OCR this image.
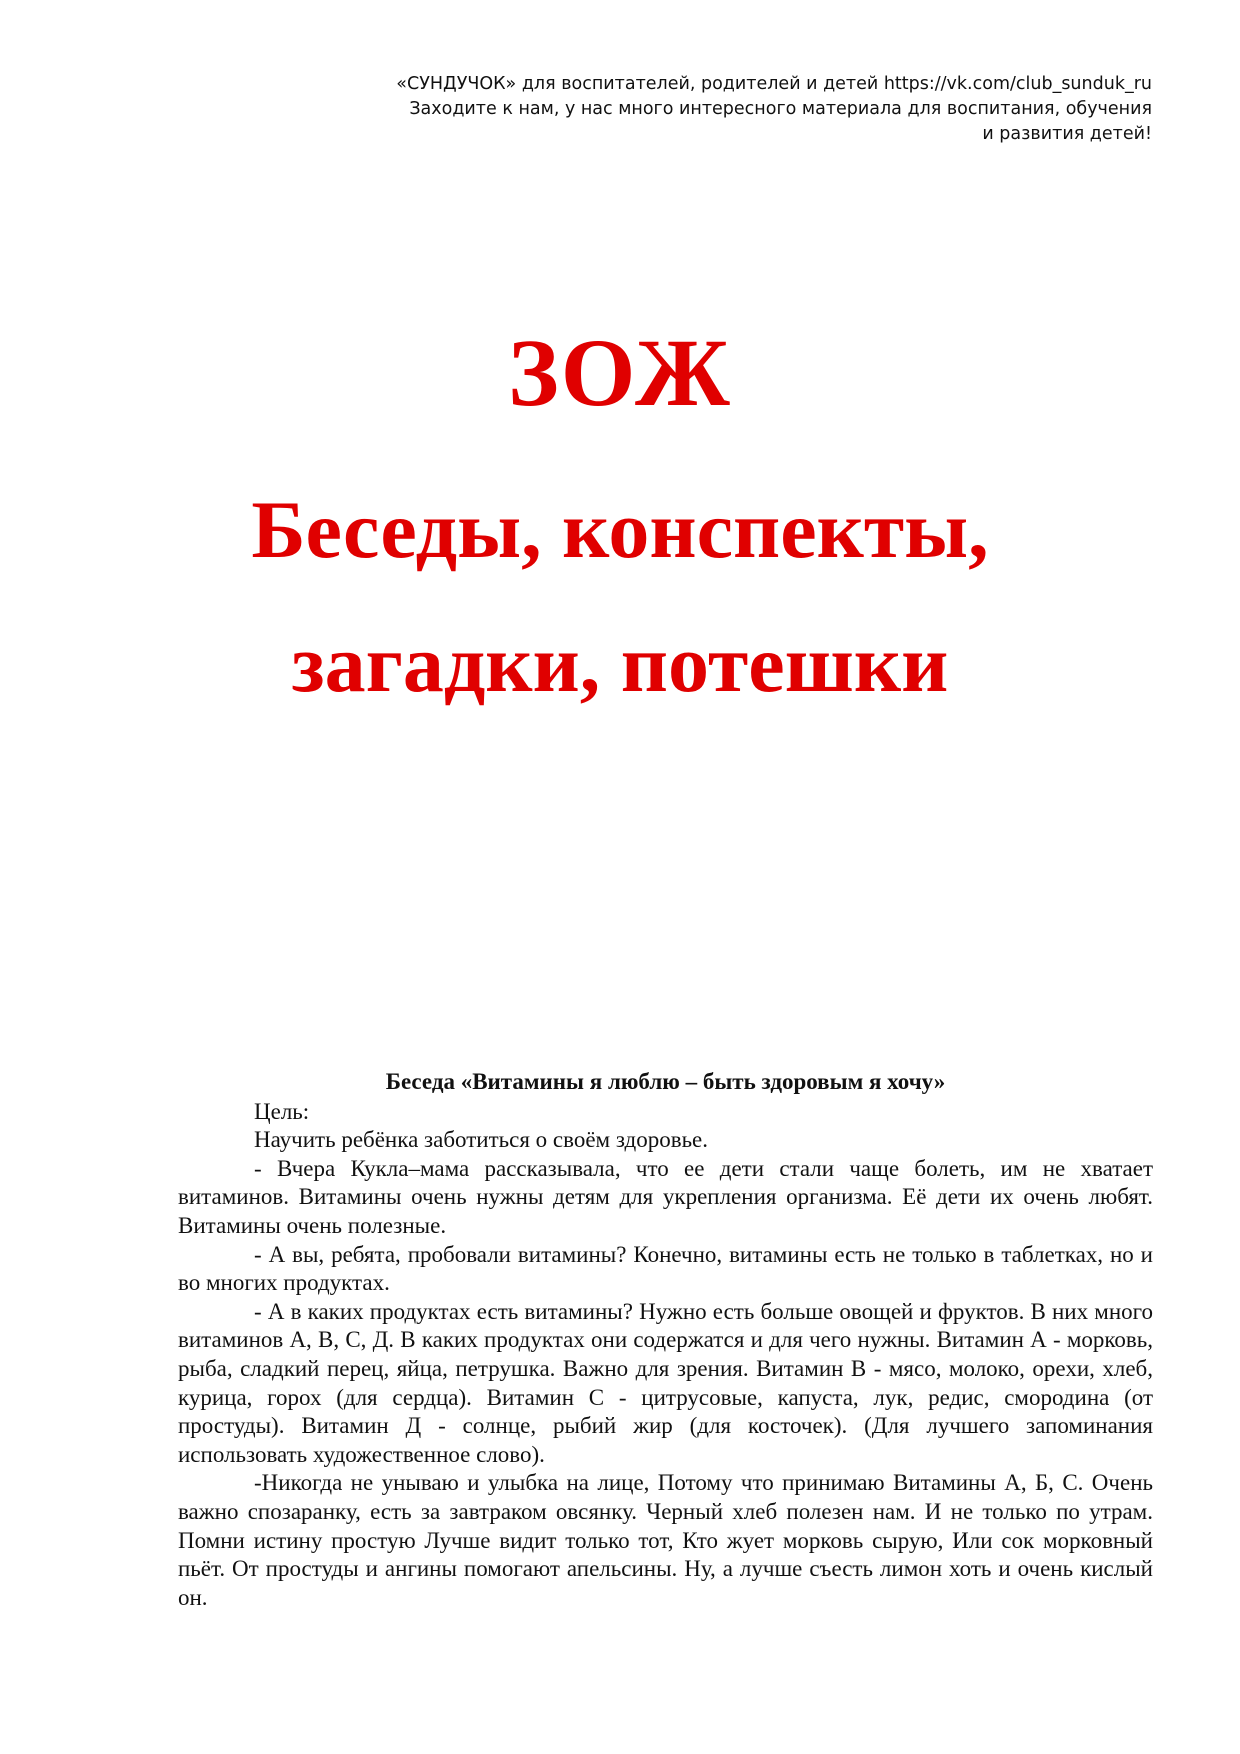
«СУНДУЧОК» для воспитателей, родителей и детей https://vk.com/club_sunduk_ru
Заходите к нам, у нас много интересного материала для воспитания, обучения
и развития детей!
ЗОЖ
Беседы, конспекты,
загадки, потешки
Беседа «Витамины я люблю – быть здоровым я хочу»

Цель:

Научить ребёнка заботиться о своём здоровье.

- Вчера Кукла–мама рассказывала, что ее дети стали чаще болеть, им не хватает витаминов. Витамины очень нужны детям для укрепления организма. Её дети их очень любят. Витамины очень полезные.

- А вы, ребята, пробовали витамины? Конечно, витамины есть не только в таблетках, но и во многих продуктах.

- А в каких продуктах есть витамины? Нужно есть больше овощей и фруктов. В них много витаминов А, В, С, Д. В каких продуктах они содержатся и для чего нужны. Витамин А - морковь, рыба, сладкий перец, яйца, петрушка. Важно для зрения. Витамин В - мясо, молоко, орехи, хлеб, курица, горох (для сердца). Витамин С - цитрусовые, капуста, лук, редис, смородина (от простуды). Витамин Д - солнце, рыбий жир (для косточек). (Для лучшего запоминания использовать художественное слово).

-Никогда не унываю и улыбка на лице, Потому что принимаю Витамины А, Б, С. Очень важно спозаранку, есть за завтраком овсянку. Черный хлеб полезен нам. И не только по утрам. Помни истину простую Лучше видит только тот, Кто жует морковь сырую, Или сок морковный пьёт. От простуды и ангины помогают апельсины. Ну, а лучше съесть лимон хоть и очень кислый он.
